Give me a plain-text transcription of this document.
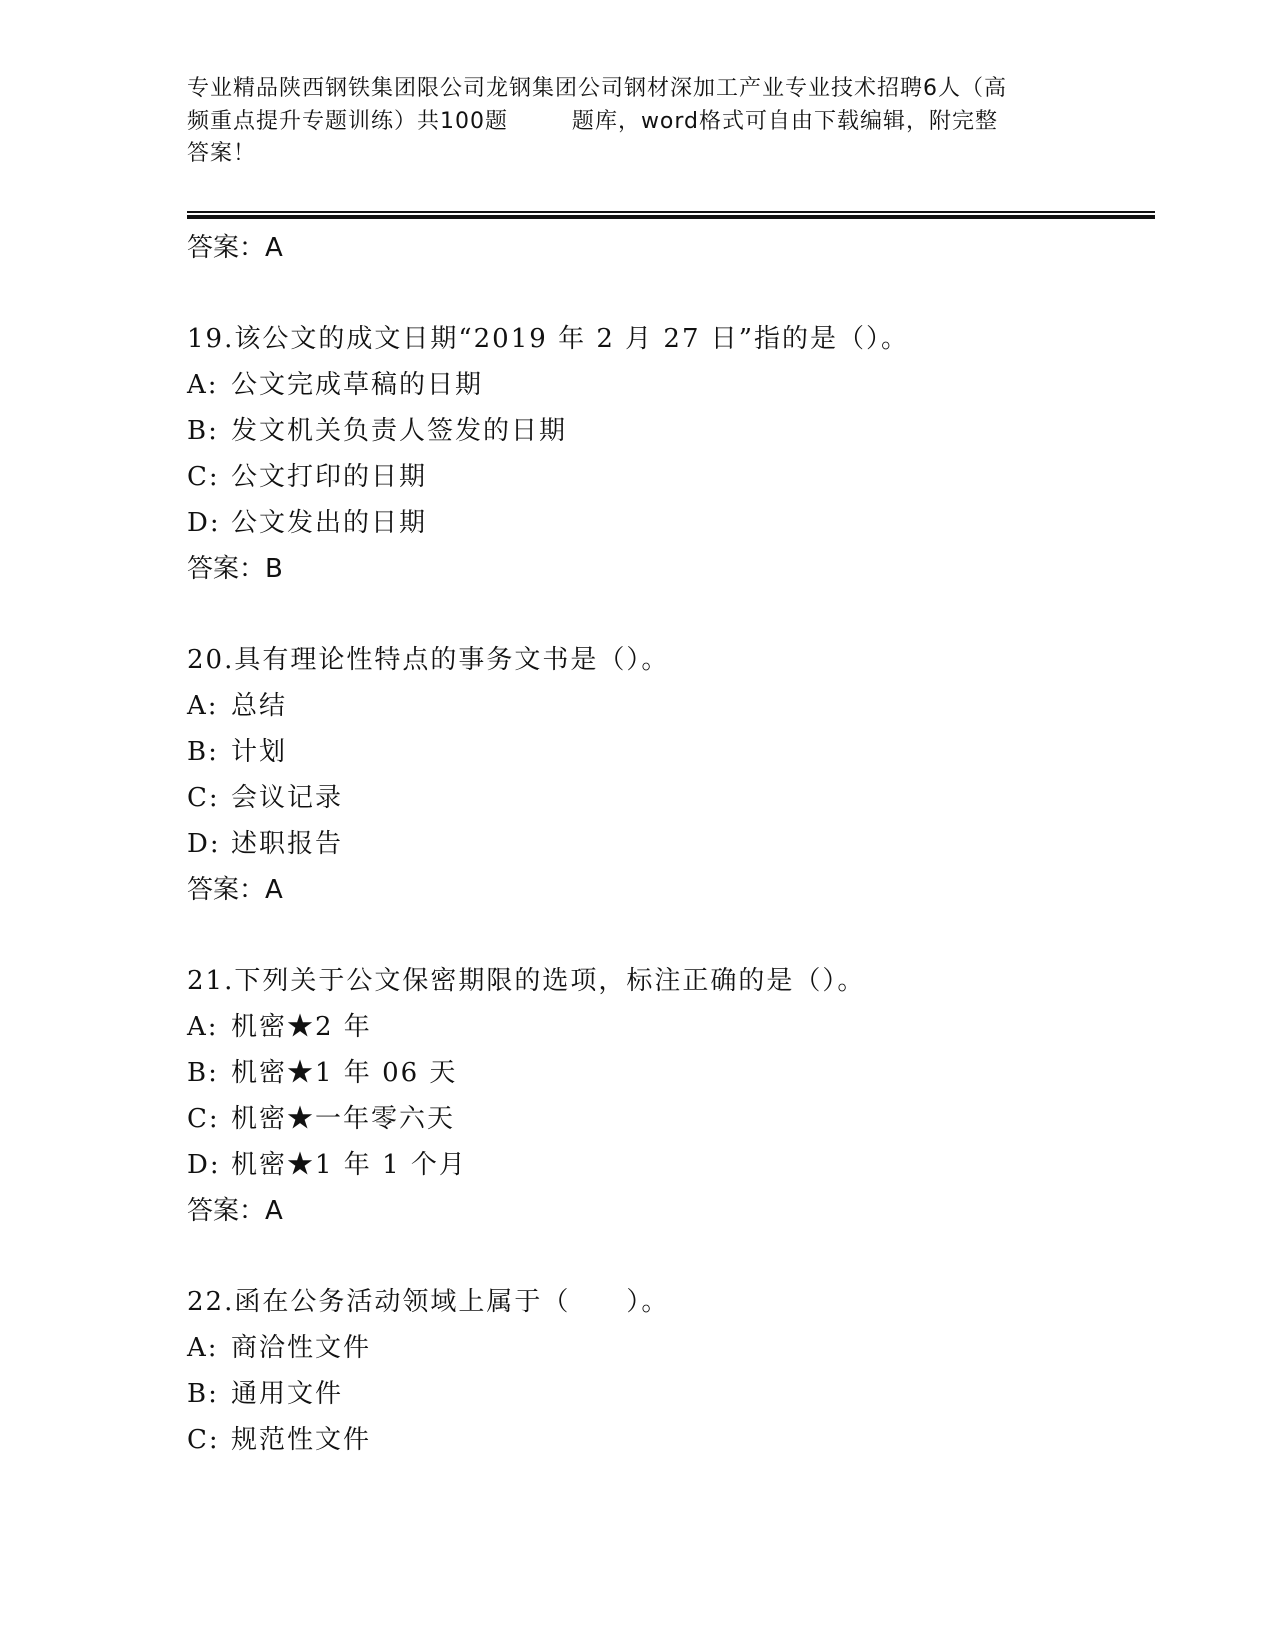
专业精品陕西钢铁集团限公司龙钢集团公司钢材深加工产业专业技术招聘6人（高
频重点提升专题训练）共100题        题库，word格式可自由下载编辑，附完整
答案！
答案：A
19.该公文的成文日期“2019 年 2 月 27 日”指的是（）。
A: 公文完成草稿的日期
B: 发文机关负责人签发的日期
C: 公文打印的日期
D: 公文发出的日期
答案：B
20.具有理论性特点的事务文书是（）。
A: 总结
B: 计划
C: 会议记录
D: 述职报告
答案：A
21.下列关于公文保密期限的选项，标注正确的是（）。
A: 机密★2 年
B: 机密★1 年 06 天
C: 机密★一年零六天
D: 机密★1 年 1 个月
答案：A
22.函在公务活动领域上属于（　　）。
A: 商洽性文件
B: 通用文件
C: 规范性文件
